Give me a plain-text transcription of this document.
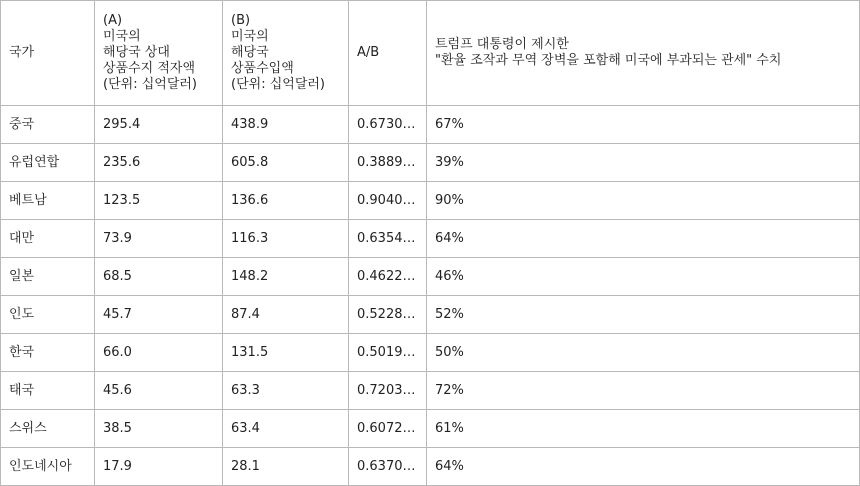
국가	(A)
미국의
해당국 상대
상품수지 적자액
(단위: 십억달러)	(B)
미국의
해당국
상품수입액
(단위: 십억달러)	A/B	트럼프 대통령이 제시한
"환율 조작과 무역 장벽을 포함해 미국에 부과되는 관세" 수치

중국	295.4	438.9	0.6730…	67%
유럽연합	235.6	605.8	0.3889…	39%
베트남	123.5	136.6	0.9040…	90%
대만	73.9	116.3	0.6354…	64%
일본	68.5	148.2	0.4622…	46%
인도	45.7	87.4	0.5228…	52%
한국	66.0	131.5	0.5019…	50%
태국	45.6	63.3	0.7203…	72%
스위스	38.5	63.4	0.6072…	61%
인도네시아	17.9	28.1	0.6370…	64%
